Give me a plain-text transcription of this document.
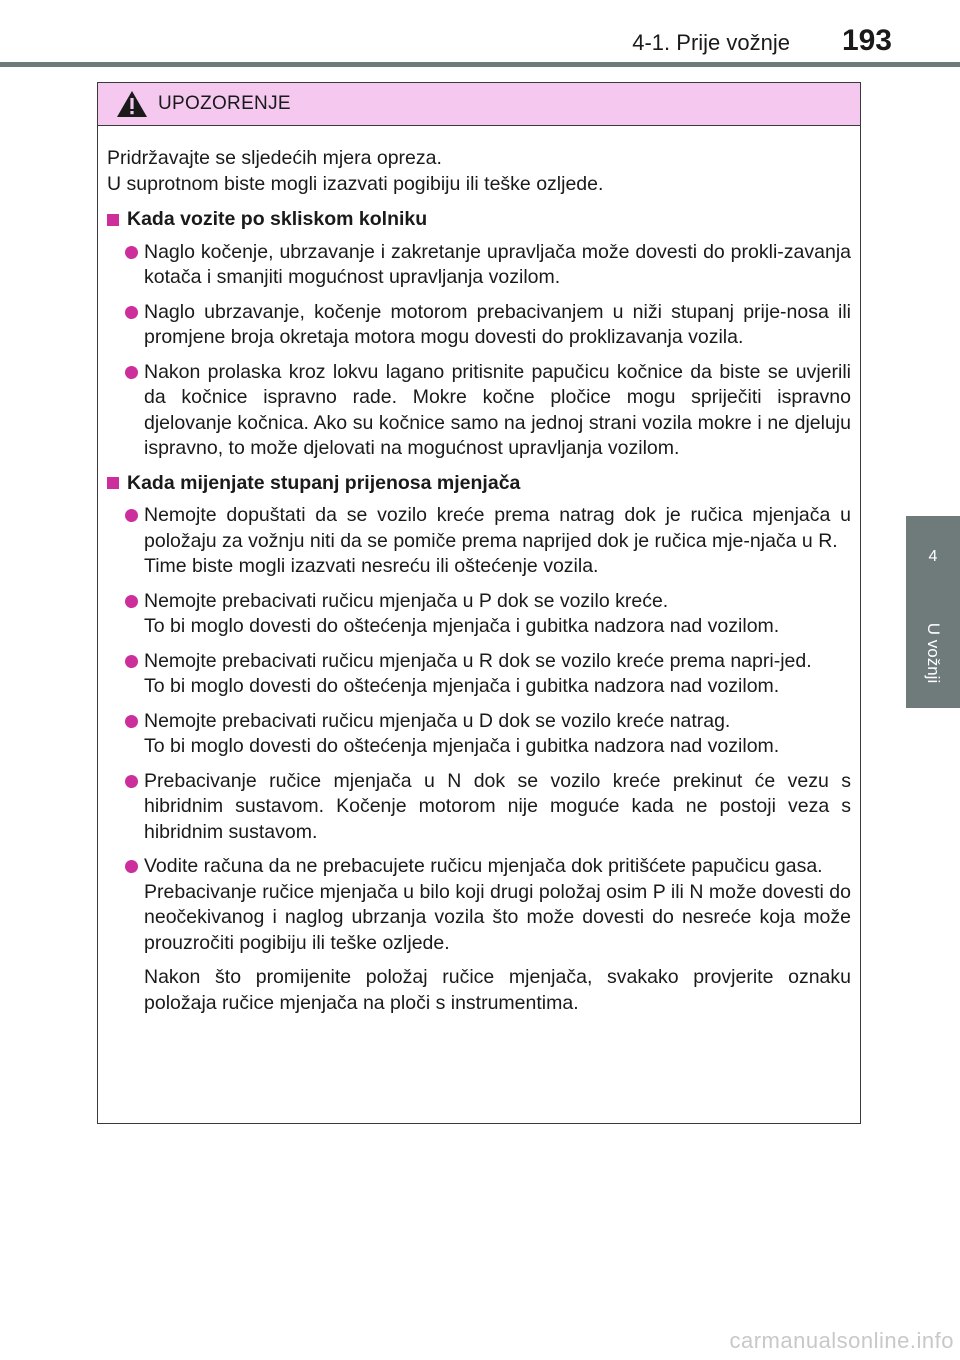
4-1. Prije vožnje 193
4
U vožnji
UPOZORENJE
Pridržavajte se sljedećih mjera opreza.
U suprotnom biste mogli izazvati pogibiju ili teške ozljede.
Kada vozite po skliskom kolniku

Naglo kočenje, ubrzavanje i zakretanje upravljača može dovesti do prokli-zavanja kotača i smanjiti mogućnost upravljanja vozilom.

Naglo ubrzavanje, kočenje motorom prebacivanjem u niži stupanj prije-nosa ili promjene broja okretaja motora mogu dovesti do proklizavanja vozila.

Nakon prolaska kroz lokvu lagano pritisnite papučicu kočnice da biste se uvjerili da kočnice ispravno rade. Mokre kočne pločice mogu spriječiti ispravno djelovanje kočnica. Ako su kočnice samo na jednoj strani vozila mokre i ne djeluju ispravno, to može djelovati na mogućnost upravljanja vozilom.

Kada mijenjate stupanj prijenosa mjenjača

Nemojte dopuštati da se vozilo kreće prema natrag dok je ručica mjenjača u položaju za vožnju niti da se pomiče prema naprijed dok je ručica mje-njača u R.

Time biste mogli izazvati nesreću ili oštećenje vozila.

Nemojte prebacivati ručicu mjenjača u P dok se vozilo kreće.

To bi moglo dovesti do oštećenja mjenjača i gubitka nadzora nad vozilom.

Nemojte prebacivati ručicu mjenjača u R dok se vozilo kreće prema napri-jed.

To bi moglo dovesti do oštećenja mjenjača i gubitka nadzora nad vozilom.

Nemojte prebacivati ručicu mjenjača u D dok se vozilo kreće natrag.

To bi moglo dovesti do oštećenja mjenjača i gubitka nadzora nad vozilom.

Prebacivanje ručice mjenjača u N dok se vozilo kreće prekinut će vezu s hibridnim sustavom. Kočenje motorom nije moguće kada ne postoji veza s hibridnim sustavom.

Vodite računa da ne prebacujete ručicu mjenjača dok pritišćete papučicu gasa.

Prebacivanje ručice mjenjača u bilo koji drugi položaj osim P ili N može dovesti do neočekivanog i naglog ubrzanja vozila što može dovesti do nesreće koja može prouzročiti pogibiju ili teške ozljede.

Nakon što promijenite položaj ručice mjenjača, svakako provjerite oznaku položaja ručice mjenjača na ploči s instrumentima.
carmanualsonline.info
